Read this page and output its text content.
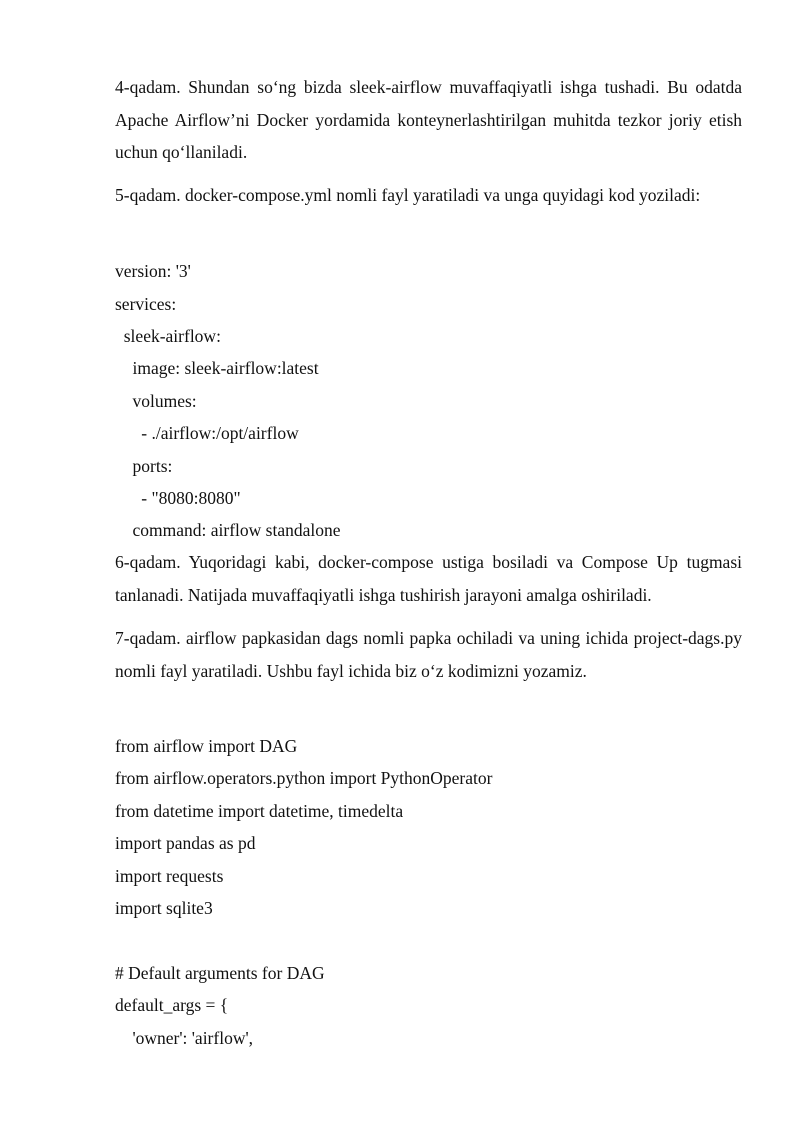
4-qadam. Shundan so‘ng bizda sleek-airflow muvaffaqiyatli ishga tushadi. Bu odatda Apache Airflow’ni Docker yordamida konteynerlashtirilgan muhitda tezkor joriy etish uchun qo‘llaniladi.

5-qadam. docker-compose.yml nomli fayl yaratiladi va unga quyidagi kod yoziladi:

version: '3'

services:

sleek-airflow:

image: sleek-airflow:latest

volumes:

- ./airflow:/opt/airflow

ports:

- "8080:8080"

command: airflow standalone

6-qadam. Yuqoridagi kabi, docker-compose ustiga bosiladi va Compose Up tugmasi tanlanadi. Natijada muvaffaqiyatli ishga tushirish jarayoni amalga oshiriladi.

7-qadam. airflow papkasidan dags nomli papka ochiladi va uning ichida project-dags.py nomli fayl yaratiladi. Ushbu fayl ichida biz o‘z kodimizni yozamiz.

from airflow import DAG

from airflow.operators.python import PythonOperator

from datetime import datetime, timedelta

import pandas as pd

import requests

import sqlite3

# Default arguments for DAG

default_args = {

'owner': 'airflow',
